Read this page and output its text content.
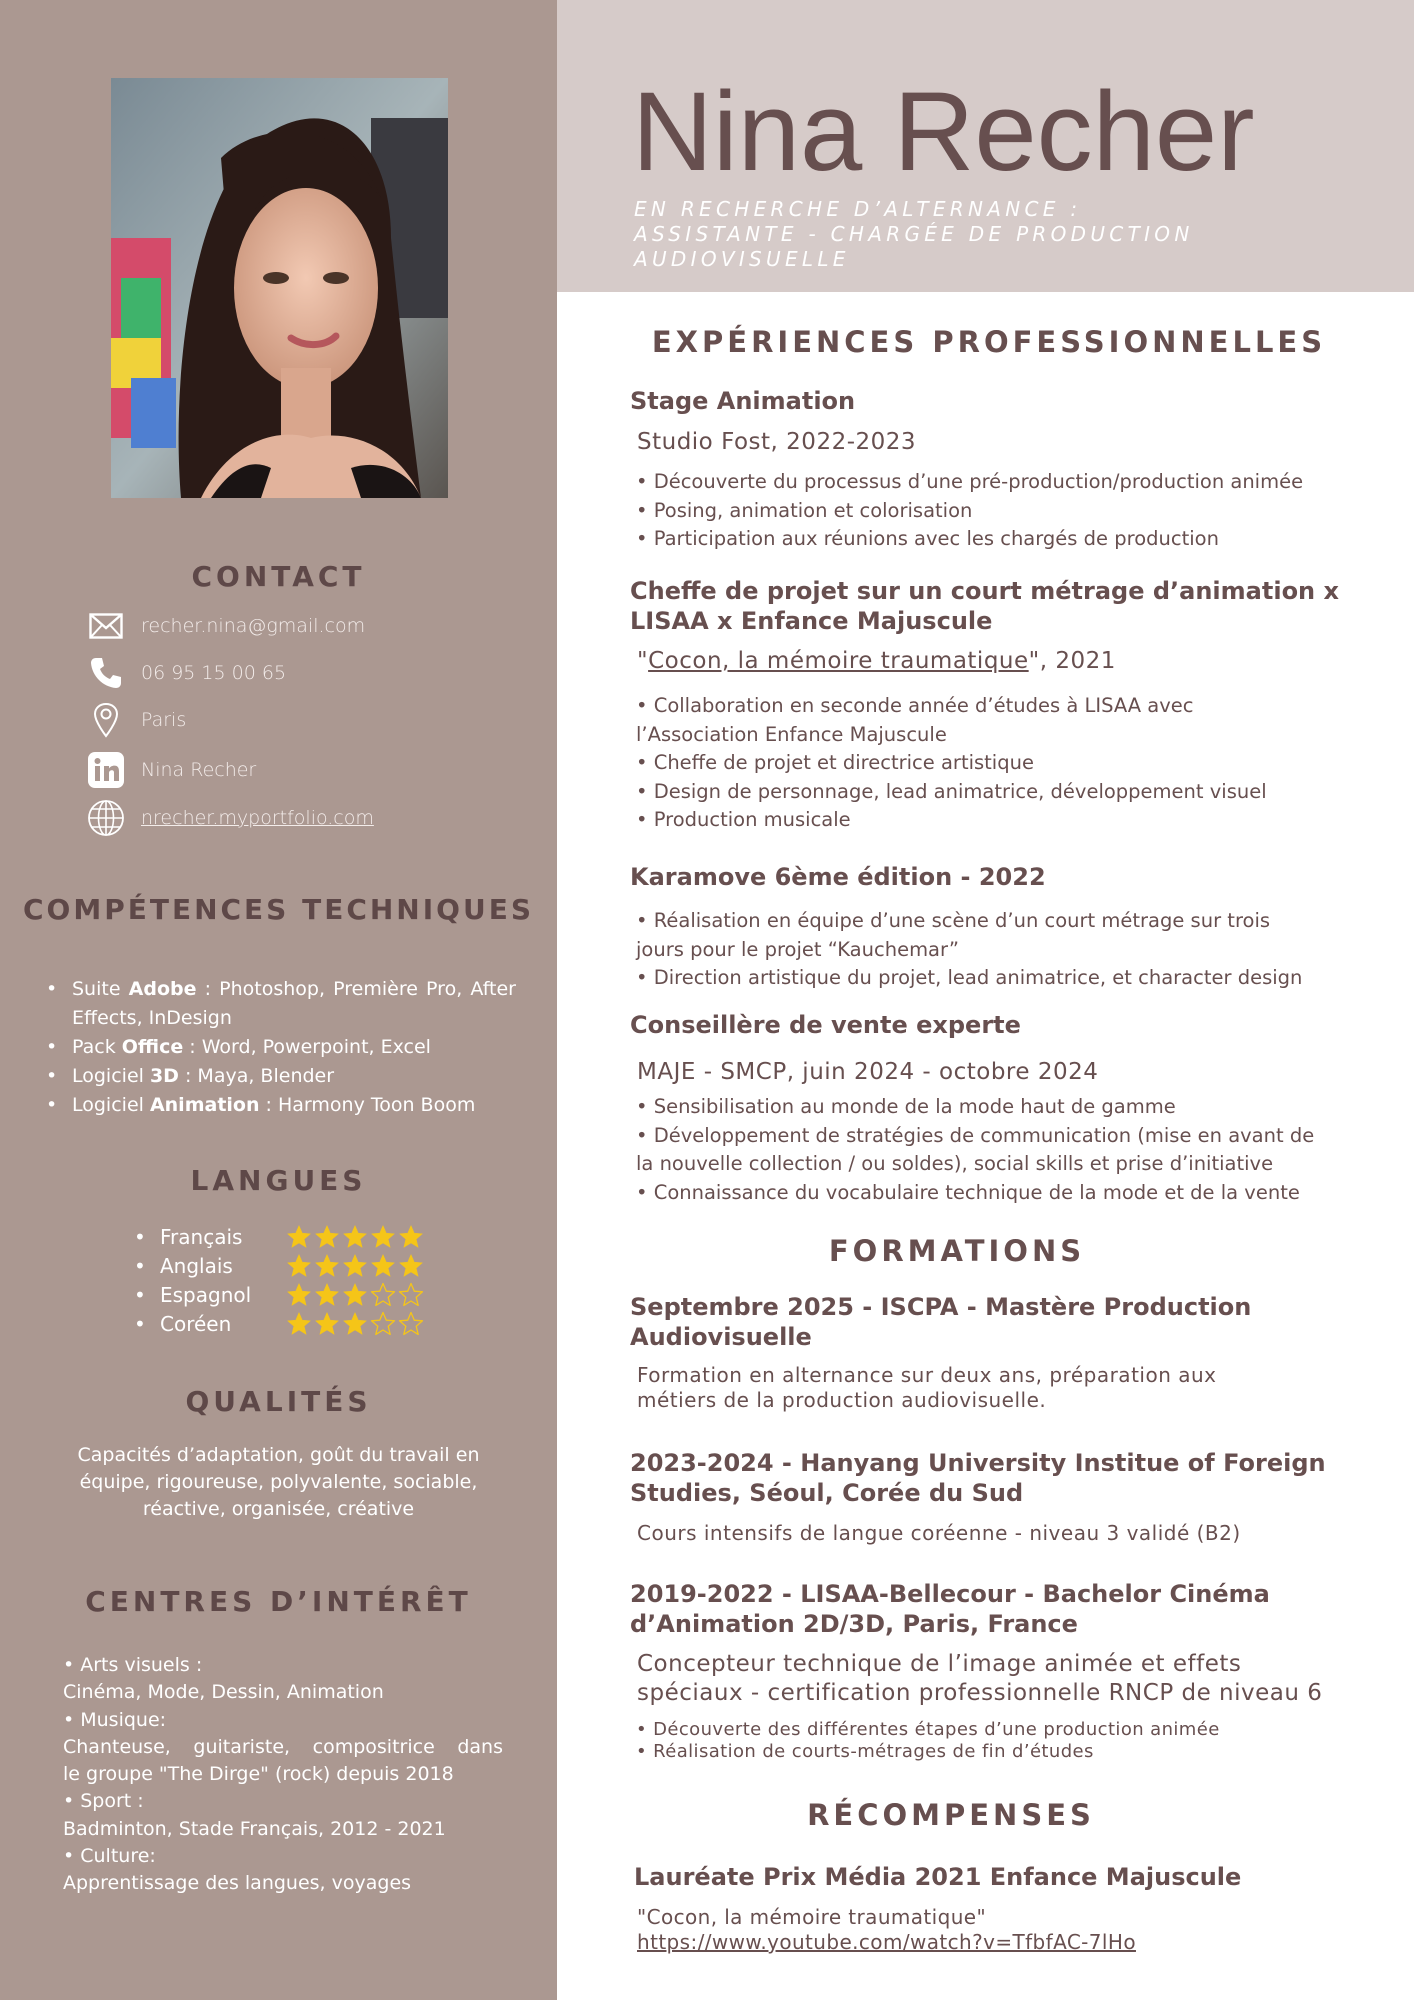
CONTACT
recher.nina@gmail.com
06 95 15 00 65
Paris
Nina Recher
nrecher.myportfolio.com
COMPÉTENCES TECHNIQUES
• Suite Adobe : Photoshop, Première Pro, After Effects, InDesign
• Pack Office : Word, Powerpoint, Excel
• Logiciel 3D : Maya, Blender
• Logiciel Animation : Harmony Toon Boom
LANGUES
• Français
• Anglais
• Espagnol
• Coréen
QUALITÉS
Capacités d’adaptation, goût du travail en
équipe, rigoureuse, polyvalente, sociable,
réactive, organisée, créative
CENTRES D’INTÉRÊT
• Arts visuels :
Cinéma, Mode, Dessin, Animation
• Musique:
Chanteuse, guitariste, compositrice dans
le groupe "The Dirge" (rock) depuis 2018
• Sport :
Badminton, Stade Français, 2012 - 2021
• Culture:
Apprentissage des langues, voyages
Nina Recher
EN RECHERCHE D’ALTERNANCE :
ASSISTANTE - CHARGÉE DE PRODUCTION
AUDIOVISUELLE
EXPÉRIENCES PROFESSIONNELLES
Stage Animation
Studio Fost, 2022-2023
• Découverte du processus d’une pré-production/production animée
• Posing, animation et colorisation
• Participation aux réunions avec les chargés de production
Cheffe de projet sur un court métrage d’animation x
LISAA x Enfance Majuscule
"Cocon, la mémoire traumatique", 2021
• Collaboration en seconde année d’études à LISAA avec
l’Association Enfance Majuscule
• Cheffe de projet et directrice artistique
• Design de personnage, lead animatrice, développement visuel
• Production musicale
Karamove 6ème édition - 2022
• Réalisation en équipe d’une scène d’un court métrage sur trois
jours pour le projet “Kauchemar”
• Direction artistique du projet, lead animatrice, et character design
Conseillère de vente experte
MAJE - SMCP, juin 2024 - octobre 2024
• Sensibilisation au monde de la mode haut de gamme
• Développement de stratégies de communication (mise en avant de
la nouvelle collection / ou soldes), social skills et prise d’initiative
• Connaissance du vocabulaire technique de la mode et de la vente
FORMATIONS
Septembre 2025 - ISCPA - Mastère Production
Audiovisuelle
Formation en alternance sur deux ans, préparation aux
métiers de la production audiovisuelle.
2023-2024 - Hanyang University Institue of Foreign
Studies, Séoul, Corée du Sud
Cours intensifs de langue coréenne - niveau 3 validé (B2)
2019-2022 - LISAA-Bellecour - Bachelor Cinéma
d’Animation 2D/3D, Paris, France
Concepteur technique de l’image animée et effets
spéciaux - certification professionnelle RNCP de niveau 6
• Découverte des différentes étapes d’une production animée
• Réalisation de courts-métrages de fin d’études
RÉCOMPENSES
Lauréate Prix Média 2021 Enfance Majuscule
"Cocon, la mémoire traumatique"
https://www.youtube.com/watch?v=TfbfAC-7lHo
